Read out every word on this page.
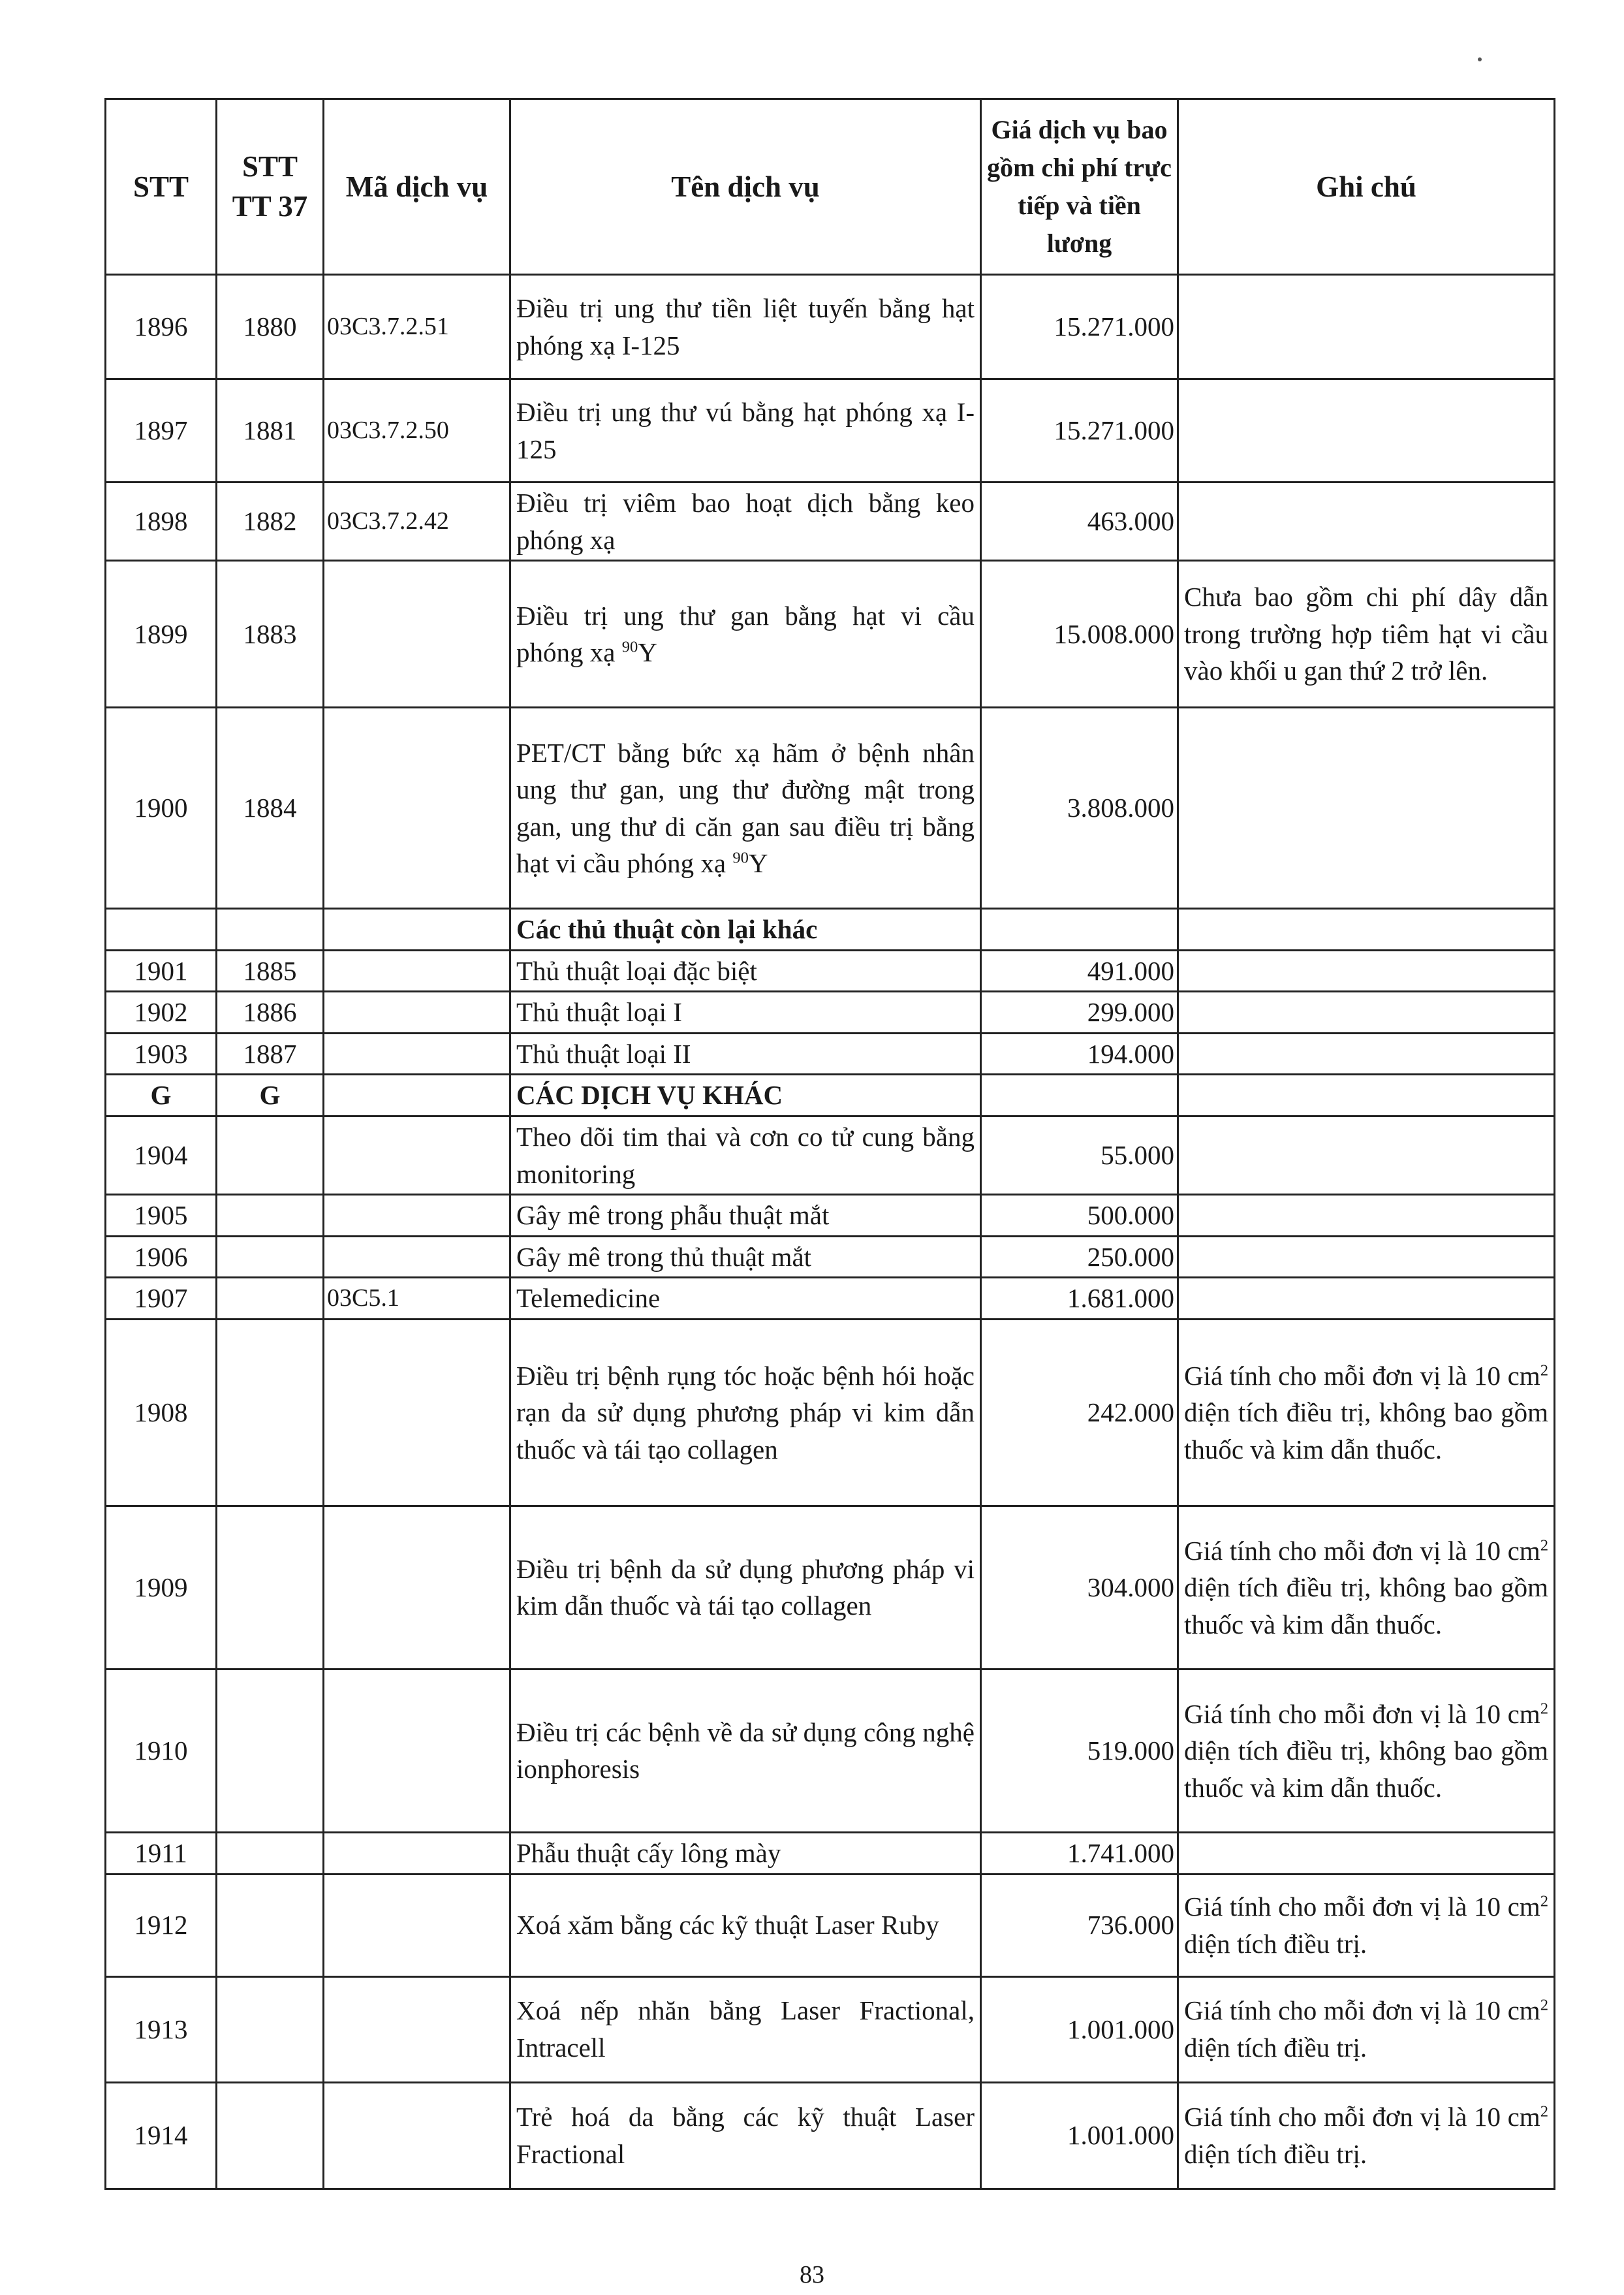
STT	STT TT 37	Mã dịch vụ	Tên dịch vụ	Giá dịch vụ bao gồm chi phí trực tiếp và tiền lương	Ghi chú
1896	1880	03C3.7.2.51	Điều trị ung thư tiền liệt tuyến bằng hạt phóng xạ I-125	15.271.000	
1897	1881	03C3.7.2.50	Điều trị ung thư vú bằng hạt phóng xạ I-125	15.271.000	
1898	1882	03C3.7.2.42	Điều trị viêm bao hoạt dịch bằng keo phóng xạ	463.000	
1899	1883		Điều trị ung thư gan bằng hạt vi cầu phóng xạ $^{90}$Y	15.008.000	Chưa bao gồm chi phí dây dẫn trong trường hợp tiêm hạt vi cầu vào khối u gan thứ 2 trở lên.
1900	1884		PET/CT bằng bức xạ hãm ở bệnh nhân ung thư gan, ung thư đường mật trong gan, ung thư di căn gan sau điều trị bằng hạt vi cầu phóng xạ $^{90}$Y	3.808.000	
			Các thủ thuật còn lại khác		
1901	1885		Thủ thuật loại đặc biệt	491.000	
1902	1886		Thủ thuật loại I	299.000	
1903	1887		Thủ thuật loại II	194.000	
G	G		CÁC DỊCH VỤ KHÁC		
1904			Theo dõi tim thai và cơn co tử cung bằng monitoring	55.000	
1905			Gây mê trong phẫu thuật mắt	500.000	
1906			Gây mê trong thủ thuật mắt	250.000	
1907		03C5.1	Telemedicine	1.681.000	
1908			Điều trị bệnh rụng tóc hoặc bệnh hói hoặc rạn da sử dụng phương pháp vi kim dẫn thuốc và tái tạo collagen	242.000	Giá tính cho mỗi đơn vị là 10 $cm^2$ diện tích điều trị, không bao gồm thuốc và kim dẫn thuốc.
1909			Điều trị bệnh da sử dụng phương pháp vi kim dẫn thuốc và tái tạo collagen	304.000	Giá tính cho mỗi đơn vị là 10 $cm^2$ diện tích điều trị, không bao gồm thuốc và kim dẫn thuốc.
1910			Điều trị các bệnh về da sử dụng công nghệ ionphoresis	519.000	Giá tính cho mỗi đơn vị là 10 $cm^2$ diện tích điều trị, không bao gồm thuốc và kim dẫn thuốc.
1911			Phẫu thuật cấy lông mày	1.741.000	
1912			Xoá xăm bằng các kỹ thuật Laser Ruby	736.000	Giá tính cho mỗi đơn vị là 10 $cm^2$ diện tích điều trị.
1913			Xoá nếp nhăn bằng Laser Fractional, Intracell	1.001.000	Giá tính cho mỗi đơn vị là 10 $cm^2$ diện tích điều trị.
1914			Trẻ hoá da bằng các kỹ thuật Laser Fractional	1.001.000	Giá tính cho mỗi đơn vị là 10 $cm^2$ diện tích điều trị.
83
